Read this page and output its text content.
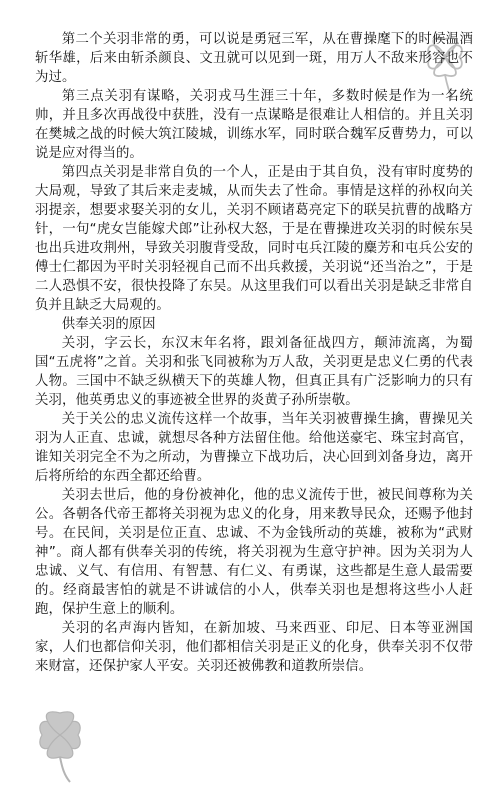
第二个关羽非常的勇，可以说是勇冠三军，从在曹操麾下的时候温酒斩华雄，后来由斩杀颜良、文丑就可以见到一斑，用万人不敌来形容也不为过。

第三点关羽有谋略，关羽戎马生涯三十年，多数时候是作为一名统帅，并且多次再战役中获胜，没有一点谋略是很难让人相信的。并且关羽在樊城之战的时候大筑江陵城，训练水军，同时联合魏军反曹势力，可以说是应对得当的。

第四点关羽是非常自负的一个人，正是由于其自负，没有审时度势的大局观，导致了其后来走麦城，从而失去了性命。事情是这样的孙权向关羽提亲，想要求娶关羽的女儿，关羽不顾诸葛亮定下的联吴抗曹的战略方针，一句“虎女岂能嫁犬郎”让孙权大怒，于是在曹操进攻关羽的时候东吴也出兵进攻荆州，导致关羽腹背受敌，同时屯兵江陵的麋芳和屯兵公安的傅士仁都因为平时关羽轻视自己而不出兵救援，关羽说“还当治之”，于是二人恐惧不安，很快投降了东吴。从这里我们可以看出关羽是缺乏非常自负并且缺乏大局观的。

供奉关羽的原因

关羽，字云长，东汉末年名将，跟刘备征战四方，颠沛流离，为蜀国“五虎将”之首。关羽和张飞同被称为万人敌，关羽更是忠义仁勇的代表人物。三国中不缺乏纵横天下的英雄人物，但真正具有广泛影响力的只有关羽，他英勇忠义的事迹被全世界的炎黄子孙所崇敬。

关于关公的忠义流传这样一个故事，当年关羽被曹操生擒，曹操见关羽为人正直、忠诚，就想尽各种方法留住他。给他送豪宅、珠宝封高官，谁知关羽完全不为之所动，为曹操立下战功后，决心回到刘备身边，离开后将所给的东西全都还给曹。

关羽去世后，他的身份被神化，他的忠义流传于世，被民间尊称为关公。各朝各代帝王都将关羽视为忠义的化身，用来教导民众，还赐予他封号。在民间，关羽是位正直、忠诚、不为金钱所动的英雄，被称为“武财神”。商人都有供奉关羽的传统，将关羽视为生意守护神。因为关羽为人忠诚、义气、有信用、有智慧、有仁义、有勇谋，这些都是生意人最需要的。经商最害怕的就是不讲诚信的小人，供奉关羽也是想将这些小人赶跑，保护生意上的顺利。

关羽的名声海内皆知，在新加坡、马来西亚、印尼、日本等亚洲国家，人们也都信仰关羽，他们都相信关羽是正义的化身，供奉关羽不仅带来财富，还保护家人平安。关羽还被佛教和道教所崇信。
